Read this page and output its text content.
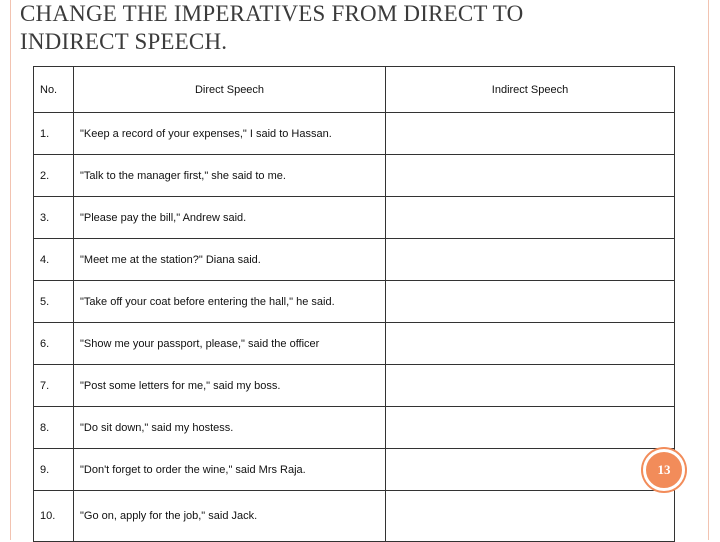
CHANGE THE IMPERATIVES FROM DIRECT TO
INDIRECT SPEECH.
No.	Direct Speech	Indirect Speech
1.	"Keep a record of your expenses," I said to Hassan.	
2.	"Talk to the manager first," she said to me.	
3.	"Please pay the bill," Andrew said.	
4.	"Meet me at the station?" Diana said.	
5.	"Take off your coat before entering the hall," he said.	
6.	"Show me your passport, please," said the officer	
7.	"Post some letters for me," said my boss.	
8.	"Do sit down," said my hostess.	
9.	"Don't forget to order the wine," said Mrs Raja.	
10.	"Go on, apply for the job," said Jack.	
13
